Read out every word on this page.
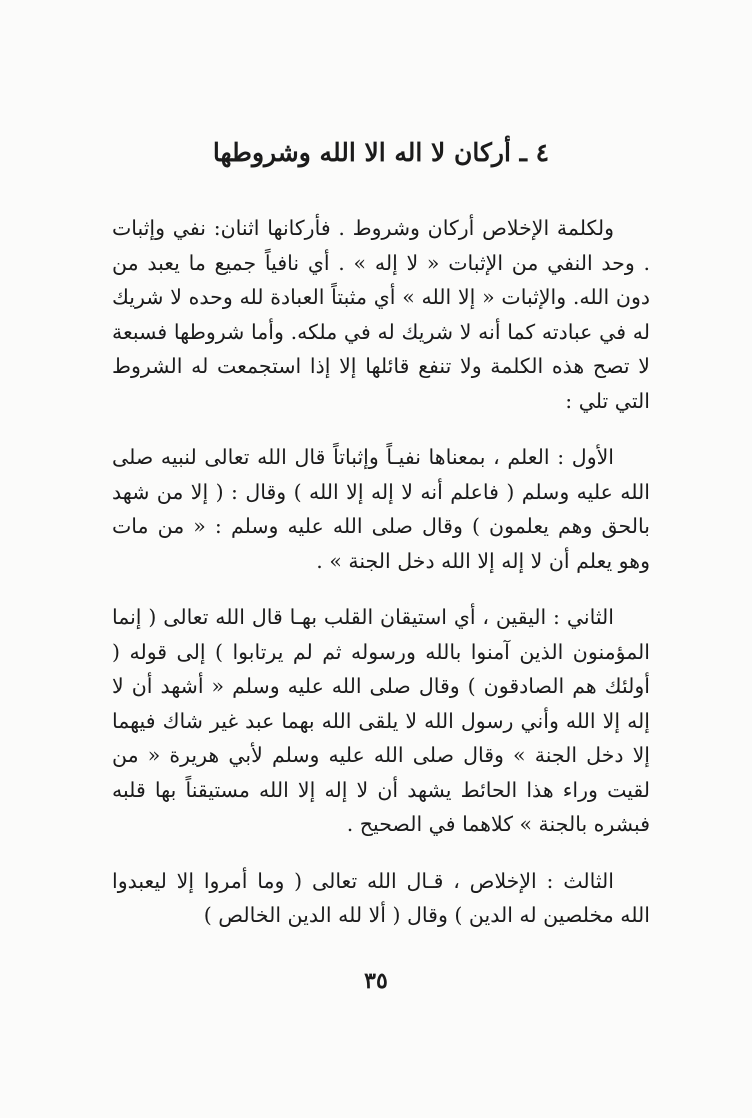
٤ ـ أركان لا اله الا الله وشروطها

ولكلمة الإخلاص أركان وشروط . فأركانها اثنان: نفي وإثبات . وحد النفي من الإثبات « لا إله » . أي نافياً جميع ما يعبد من دون الله. والإثبات « إلا الله » أي مثبتاً العبادة لله وحده لا شريك له في عبادته كما أنه لا شريك له في ملكه. وأما شروطها فسبعة لا تصح هذه الكلمة ولا تنفع قائلها إلا إذا استجمعت له الشروط التي تلي :

الأول : العلم ، بمعناها نفيـاً وإثباتاً قال الله تعالى لنبيه صلى الله عليه وسلم ( فاعلم أنه لا إله إلا الله ) وقال : ( إلا من شهد بالحق وهم يعلمون ) وقال صلى الله عليه وسلم : « من مات وهو يعلم أن لا إله إلا الله دخل الجنة » .

الثاني : اليقين ، أي استيقان القلب بهـا قال الله تعالى ( إنما المؤمنون الذين آمنوا بالله ورسوله ثم لم يرتابوا ) إلى قوله ( أولئك هم الصادقون ) وقال صلى الله عليه وسلم « أشهد أن لا إله إلا الله وأني رسول الله لا يلقى الله بهما عبد غير شاك فيهما إلا دخل الجنة » وقال صلى الله عليه وسلم لأبي هريرة « من لقيت وراء هذا الحائط يشهد أن لا إله إلا الله مستيقناً بها قلبه فبشره بالجنة » كلاهما في الصحيح .

الثالث : الإخلاص ، قـال الله تعالى ( وما أمروا إلا ليعبدوا الله مخلصين له الدين ) وقال ( ألا لله الدين الخالص )

٣٥
